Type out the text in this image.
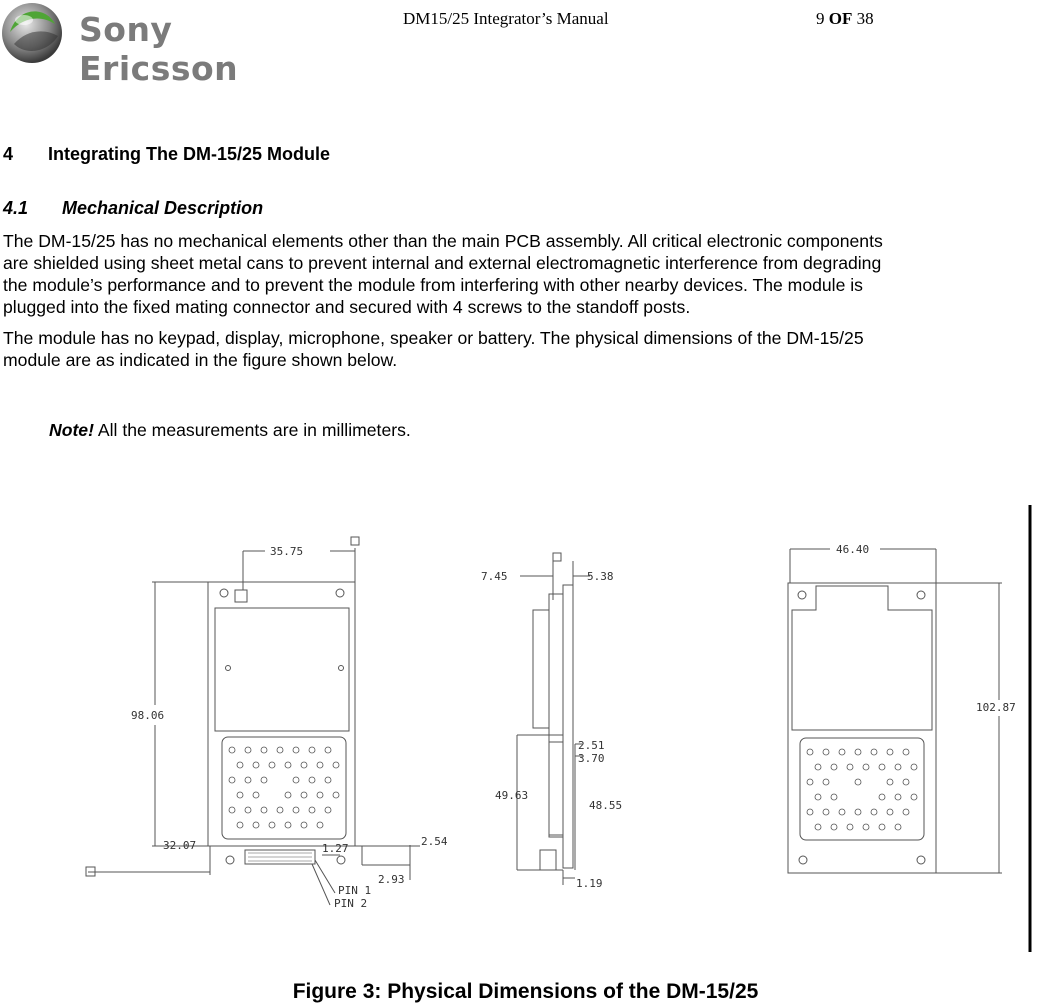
Sony Ericsson
DM15/25 Integrator’s Manual	9 OF 38
4 Integrating The DM-15/25 Module
4.1 Mechanical Description
The DM-15/25 has no mechanical elements other than the main PCB assembly. All critical electronic components
are shielded using sheet metal cans to prevent internal and external electromagnetic interference from degrading
the module’s performance and to prevent the module from interfering with other nearby devices. The module is
plugged into the fixed mating connector and secured with 4 screws to the standoff posts.
The module has no keypad, display, microphone, speaker or battery. The physical dimensions of the DM-15/25
module are as indicated in the figure shown below.
Note! All the measurements are in millimeters.
35.75
98.06
32.07	1.27
2.54
2.93
PIN 1
PIN 2
7.45	5.38
2.51
3.70
49.63
48.55
1.19
46.40
102.87
Figure 3: Physical Dimensions of the DM-15/25
